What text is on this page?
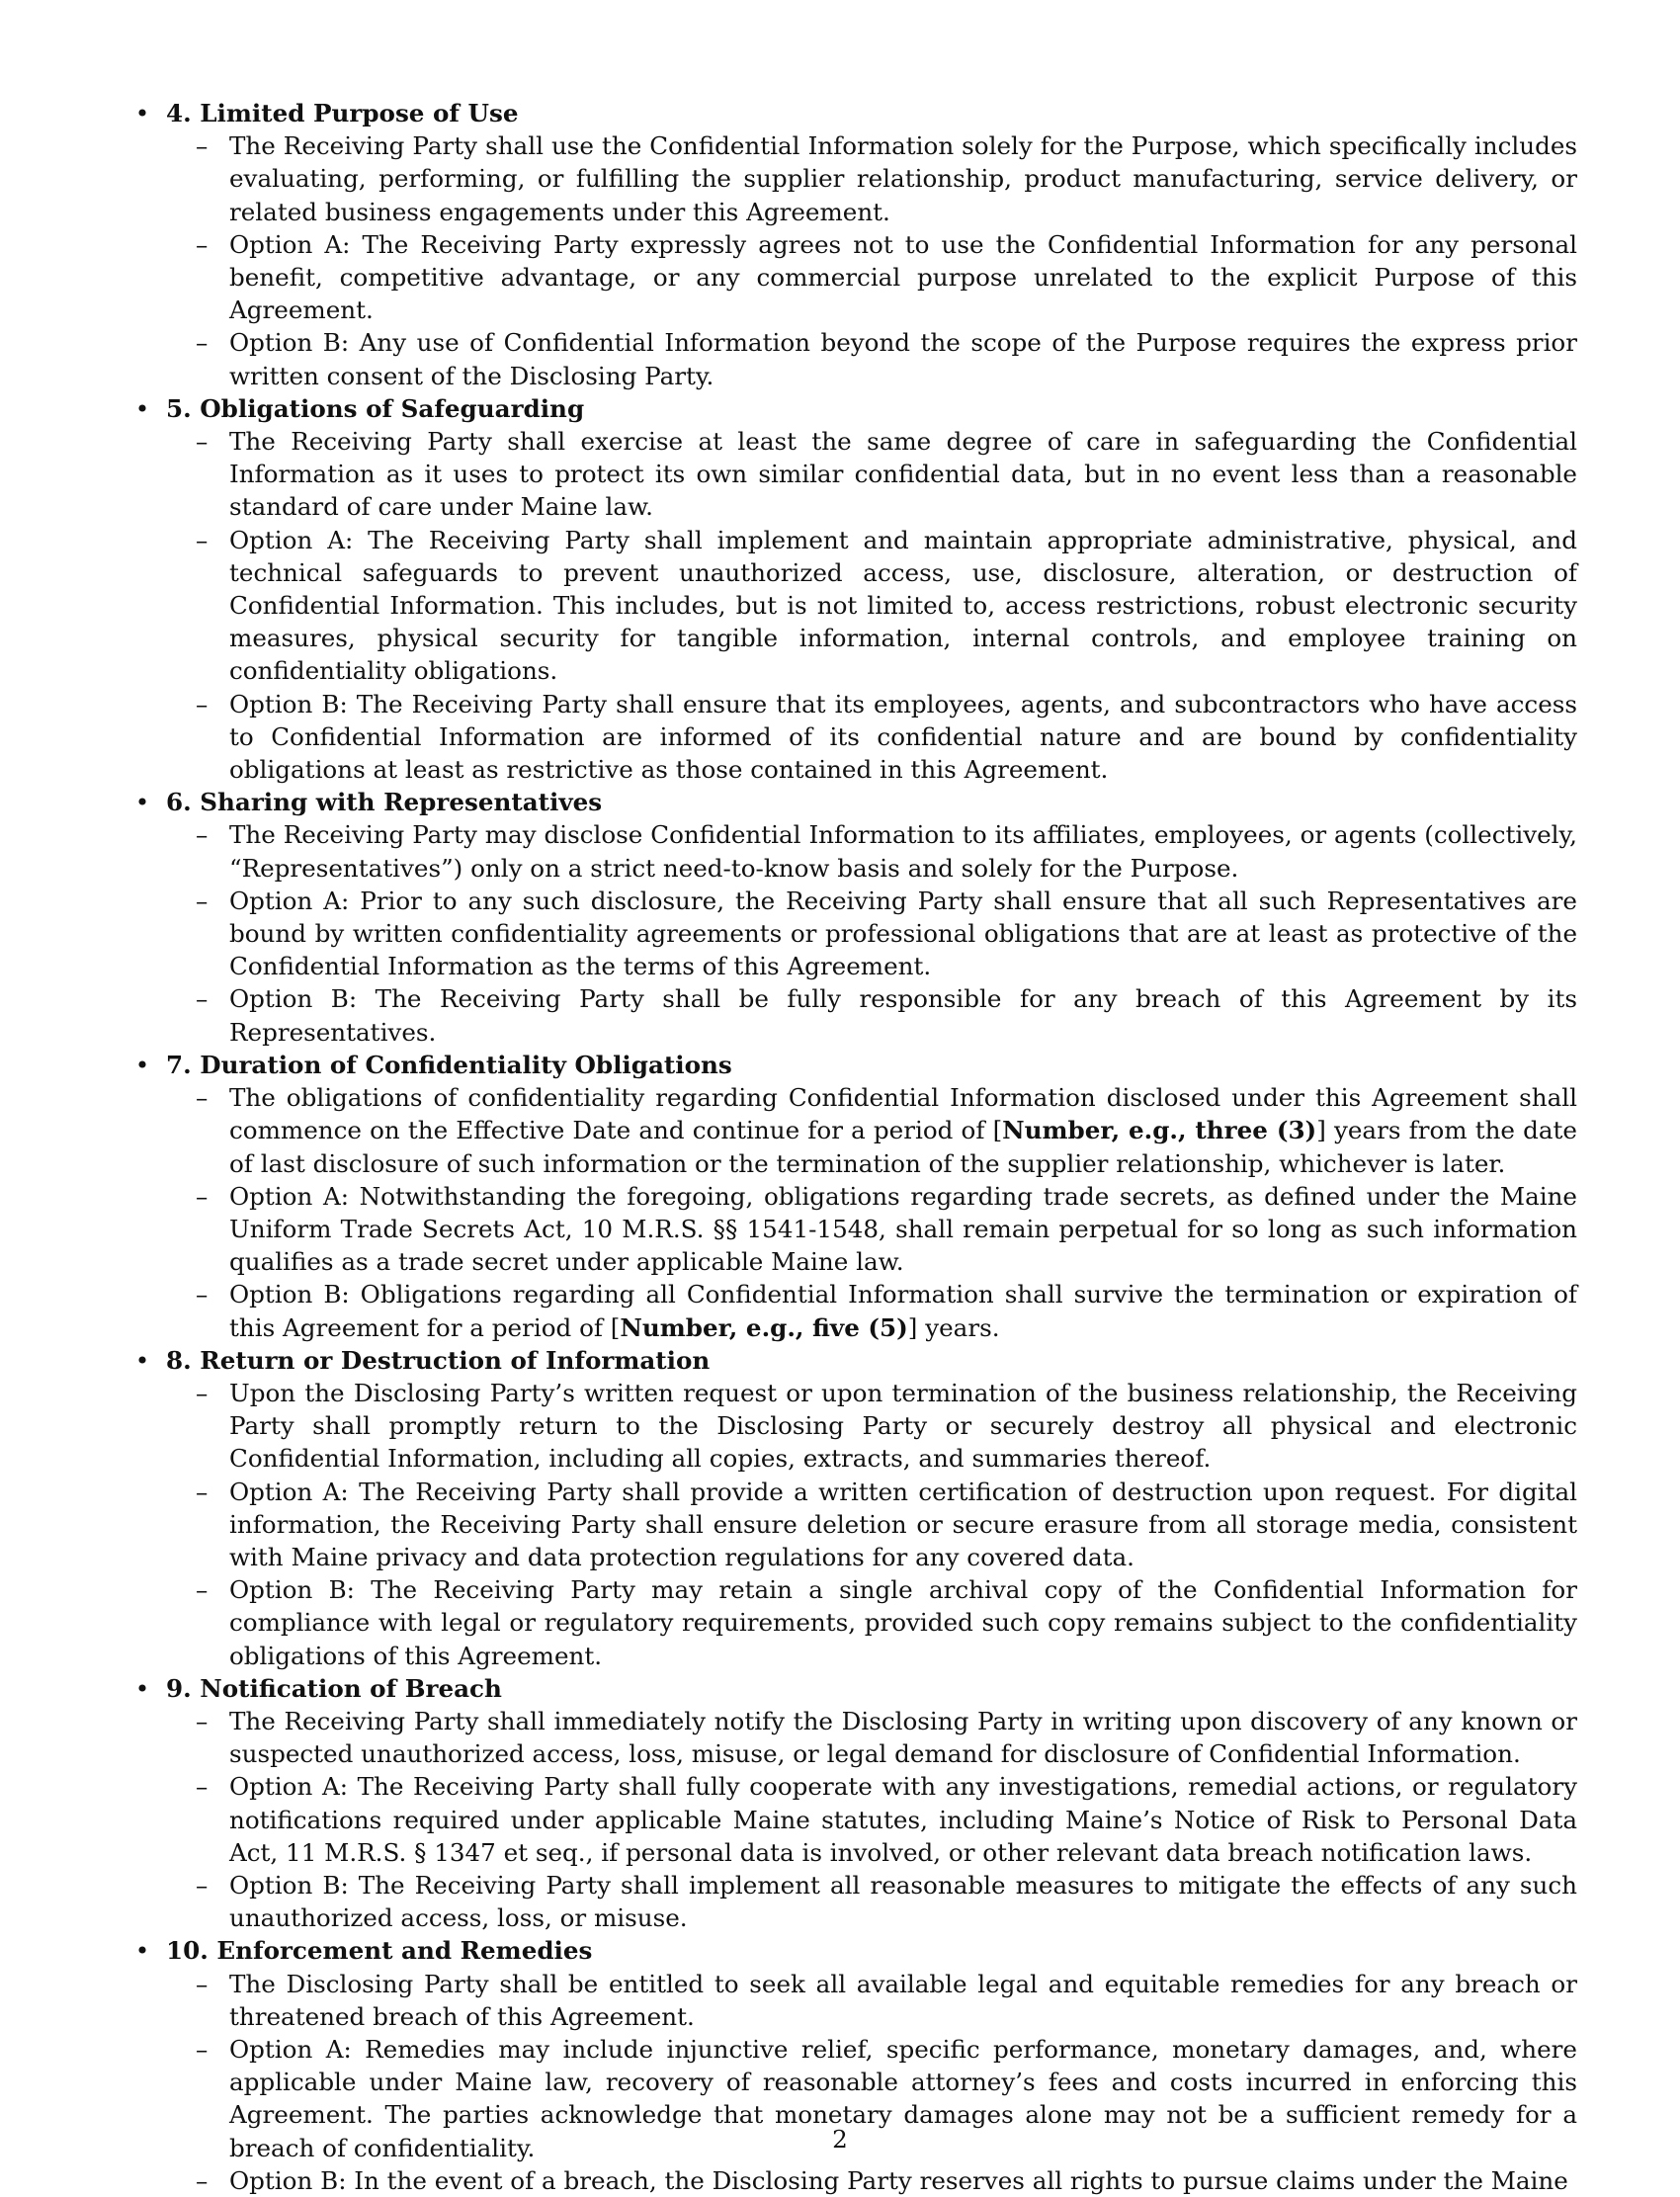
• 4. Limited Purpose of Use
– The Receiving Party shall use the Confidential Information solely for the Purpose, which specifically includes evaluating, performing, or fulfilling the supplier relationship, product manufacturing, service delivery, or related business engagements under this Agreement.
– Option A: The Receiving Party expressly agrees not to use the Confidential Information for any personal benefit, competitive advantage, or any commercial purpose unrelated to the explicit Purpose of this Agreement.
– Option B: Any use of Confidential Information beyond the scope of the Purpose requires the express prior written consent of the Disclosing Party.
• 5. Obligations of Safeguarding
– The Receiving Party shall exercise at least the same degree of care in safeguarding the Confidential Information as it uses to protect its own similar confidential data, but in no event less than a reasonable standard of care under Maine law.
– Option A: The Receiving Party shall implement and maintain appropriate administrative, physical, and technical safeguards to prevent unauthorized access, use, disclosure, alteration, or destruction of Confidential Information. This includes, but is not limited to, access restrictions, robust electronic security measures, physical security for tangible information, internal controls, and employee training on confidentiality obligations.
– Option B: The Receiving Party shall ensure that its employees, agents, and subcontractors who have access to Confidential Information are informed of its confidential nature and are bound by confidentiality obligations at least as restrictive as those contained in this Agreement.
• 6. Sharing with Representatives
– The Receiving Party may disclose Confidential Information to its affiliates, employees, or agents (collectively, “Representatives”) only on a strict need-to-know basis and solely for the Purpose.
– Option A: Prior to any such disclosure, the Receiving Party shall ensure that all such Representatives are bound by written confidentiality agreements or professional obligations that are at least as protective of the Confidential Information as the terms of this Agreement.
– Option B: The Receiving Party shall be fully responsible for any breach of this Agreement by its Representatives.
• 7. Duration of Confidentiality Obligations
– The obligations of confidentiality regarding Confidential Information disclosed under this Agreement shall commence on the Effective Date and continue for a period of [Number, e.g., three (3)] years from the date of last disclosure of such information or the termination of the supplier relationship, whichever is later.
– Option A: Notwithstanding the foregoing, obligations regarding trade secrets, as defined under the Maine Uniform Trade Secrets Act, 10 M.R.S. §§ 1541-1548, shall remain perpetual for so long as such information qualifies as a trade secret under applicable Maine law.
– Option B: Obligations regarding all Confidential Information shall survive the termination or expiration of this Agreement for a period of [Number, e.g., five (5)] years.
• 8. Return or Destruction of Information
– Upon the Disclosing Party’s written request or upon termination of the business relationship, the Receiving Party shall promptly return to the Disclosing Party or securely destroy all physical and electronic Confidential Information, including all copies, extracts, and summaries thereof.
– Option A: The Receiving Party shall provide a written certification of destruction upon request. For digital information, the Receiving Party shall ensure deletion or secure erasure from all storage media, consistent with Maine privacy and data protection regulations for any covered data.
– Option B: The Receiving Party may retain a single archival copy of the Confidential Information for compliance with legal or regulatory requirements, provided such copy remains subject to the confidentiality obligations of this Agreement.
• 9. Notification of Breach
– The Receiving Party shall immediately notify the Disclosing Party in writing upon discovery of any known or suspected unauthorized access, loss, misuse, or legal demand for disclosure of Confidential Information.
– Option A: The Receiving Party shall fully cooperate with any investigations, remedial actions, or regulatory notifications required under applicable Maine statutes, including Maine’s Notice of Risk to Personal Data Act, 11 M.R.S. § 1347 et seq., if personal data is involved, or other relevant data breach notification laws.
– Option B: The Receiving Party shall implement all reasonable measures to mitigate the effects of any such unauthorized access, loss, or misuse.
• 10. Enforcement and Remedies
– The Disclosing Party shall be entitled to seek all available legal and equitable remedies for any breach or threatened breach of this Agreement.
– Option A: Remedies may include injunctive relief, specific performance, monetary damages, and, where applicable under Maine law, recovery of reasonable attorney’s fees and costs incurred in enforcing this Agreement. The parties acknowledge that monetary damages alone may not be a sufficient remedy for a breach of confidentiality.
– Option B: In the event of a breach, the Disclosing Party reserves all rights to pursue claims under the Maine
2
